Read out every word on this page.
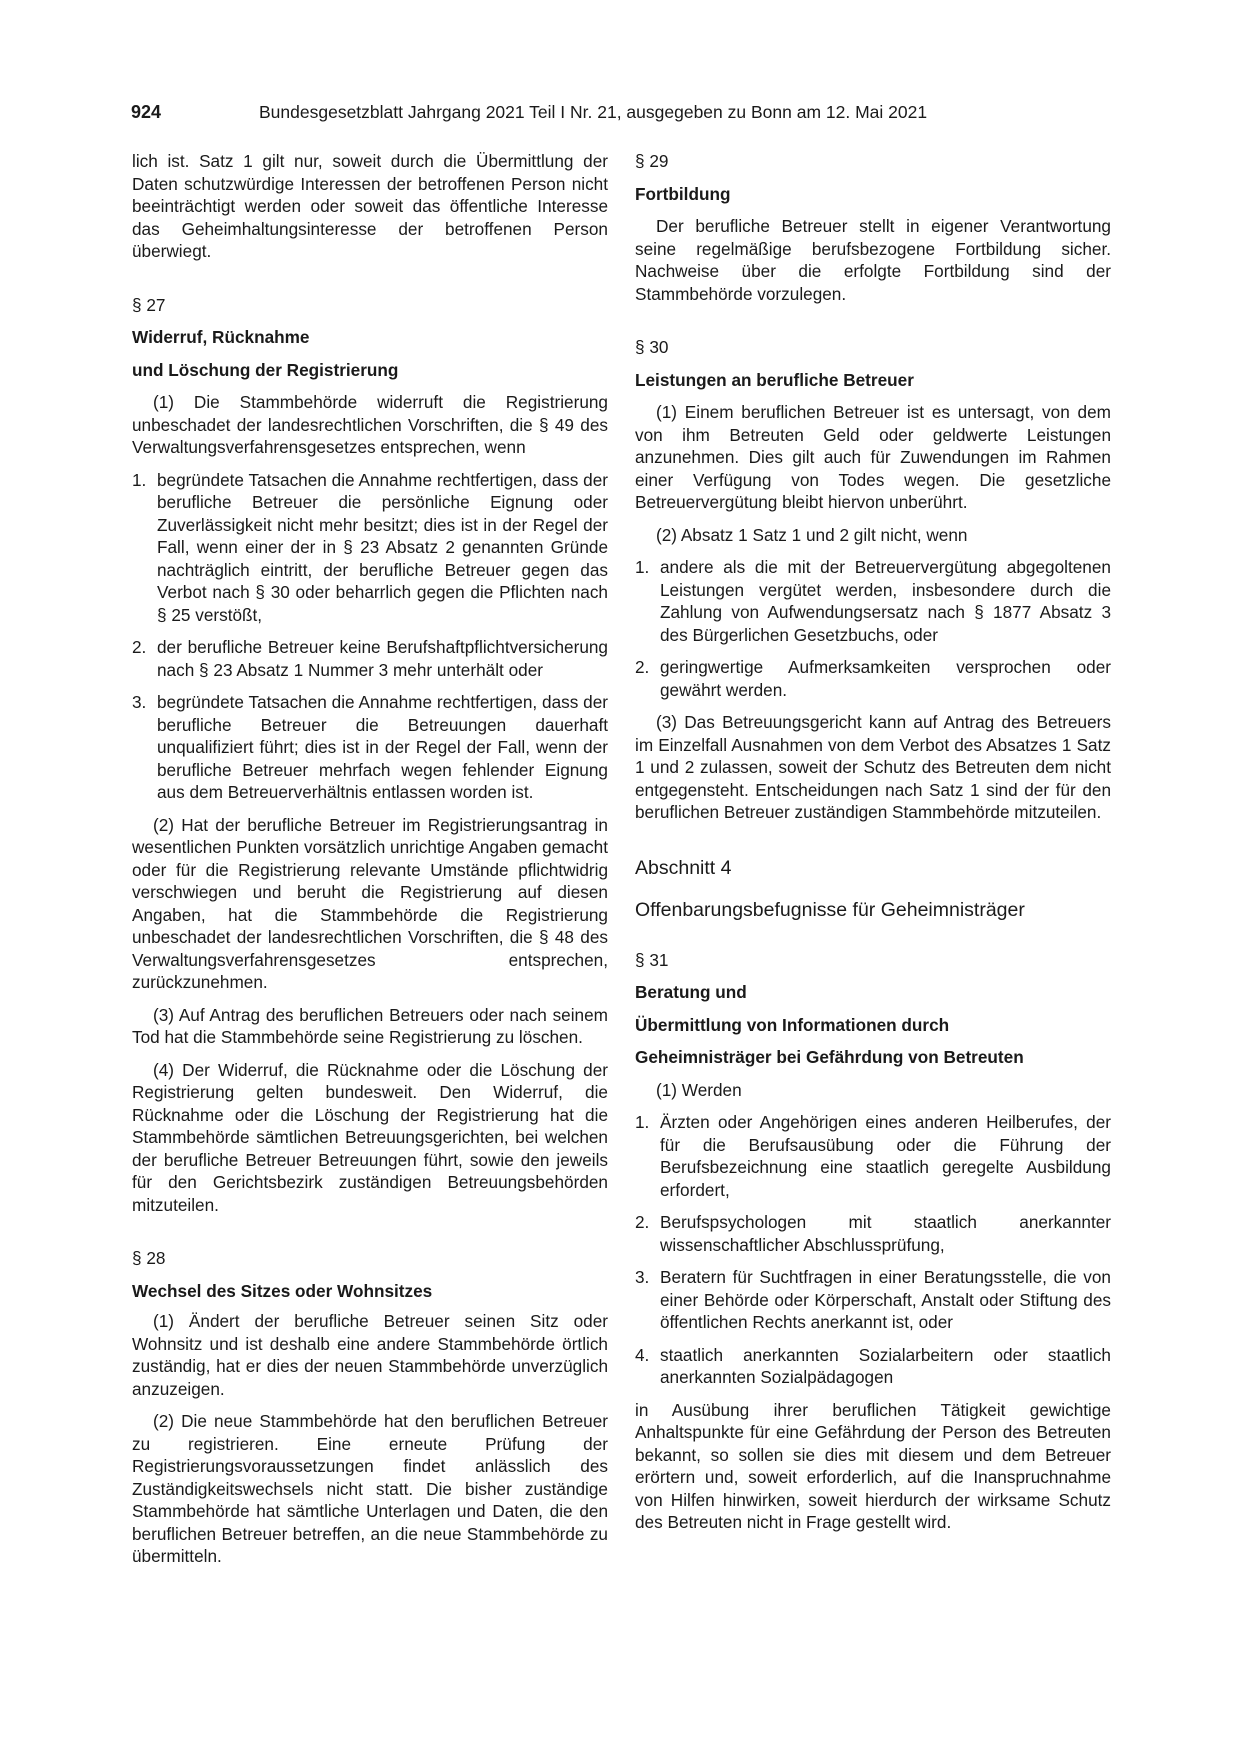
924	Bundesgesetzblatt Jahrgang 2021 Teil I Nr. 21, ausgegeben zu Bonn am 12. Mai 2021

lich ist. Satz 1 gilt nur, soweit durch die Übermittlung der Daten schutzwürdige Interessen der betroffenen Person nicht beeinträchtigt werden oder soweit das öffentliche Interesse das Geheimhaltungsinteresse der betroffenen Person überwiegt.

§ 27

Widerruf, Rücknahme

und Löschung der Registrierung

(1) Die Stammbehörde widerruft die Registrierung unbeschadet der landesrechtlichen Vorschriften, die § 49 des Verwaltungsverfahrensgesetzes entsprechen, wenn

1. begründete Tatsachen die Annahme rechtfertigen, dass der berufliche Betreuer die persönliche Eignung oder Zuverlässigkeit nicht mehr besitzt; dies ist in der Regel der Fall, wenn einer der in § 23 Absatz 2 genannten Gründe nachträglich eintritt, der berufliche Betreuer gegen das Verbot nach § 30 oder beharrlich gegen die Pflichten nach § 25 verstößt,
2. der berufliche Betreuer keine Berufshaftpflichtversicherung nach § 23 Absatz 1 Nummer 3 mehr unterhält oder
3. begründete Tatsachen die Annahme rechtfertigen, dass der berufliche Betreuer die Betreuungen dauerhaft unqualifiziert führt; dies ist in der Regel der Fall, wenn der berufliche Betreuer mehrfach wegen fehlender Eignung aus dem Betreuerverhältnis entlassen worden ist.

(2) Hat der berufliche Betreuer im Registrierungsantrag in wesentlichen Punkten vorsätzlich unrichtige Angaben gemacht oder für die Registrierung relevante Umstände pflichtwidrig verschwiegen und beruht die Registrierung auf diesen Angaben, hat die Stammbehörde die Registrierung unbeschadet der landesrechtlichen Vorschriften, die § 48 des Verwaltungsverfahrensgesetzes entsprechen, zurückzunehmen.

(3) Auf Antrag des beruflichen Betreuers oder nach seinem Tod hat die Stammbehörde seine Registrierung zu löschen.

(4) Der Widerruf, die Rücknahme oder die Löschung der Registrierung gelten bundesweit. Den Widerruf, die Rücknahme oder die Löschung der Registrierung hat die Stammbehörde sämtlichen Betreuungsgerichten, bei welchen der berufliche Betreuer Betreuungen führt, sowie den jeweils für den Gerichtsbezirk zuständigen Betreuungsbehörden mitzuteilen.

§ 28

Wechsel des Sitzes oder Wohnsitzes

(1) Ändert der berufliche Betreuer seinen Sitz oder Wohnsitz und ist deshalb eine andere Stammbehörde örtlich zuständig, hat er dies der neuen Stammbehörde unverzüglich anzuzeigen.

(2) Die neue Stammbehörde hat den beruflichen Betreuer zu registrieren. Eine erneute Prüfung der Registrierungsvoraussetzungen findet anlässlich des Zuständigkeitswechsels nicht statt. Die bisher zuständige Stammbehörde hat sämtliche Unterlagen und Daten, die den beruflichen Betreuer betreffen, an die neue Stammbehörde zu übermitteln.

§ 29

Fortbildung

Der berufliche Betreuer stellt in eigener Verantwortung seine regelmäßige berufsbezogene Fortbildung sicher. Nachweise über die erfolgte Fortbildung sind der Stammbehörde vorzulegen.

§ 30

Leistungen an berufliche Betreuer

(1) Einem beruflichen Betreuer ist es untersagt, von dem von ihm Betreuten Geld oder geldwerte Leistungen anzunehmen. Dies gilt auch für Zuwendungen im Rahmen einer Verfügung von Todes wegen. Die gesetzliche Betreuervergütung bleibt hiervon unberührt.

(2) Absatz 1 Satz 1 und 2 gilt nicht, wenn

1. andere als die mit der Betreuervergütung abgegoltenen Leistungen vergütet werden, insbesondere durch die Zahlung von Aufwendungsersatz nach § 1877 Absatz 3 des Bürgerlichen Gesetzbuchs, oder
2. geringwertige Aufmerksamkeiten versprochen oder gewährt werden.

(3) Das Betreuungsgericht kann auf Antrag des Betreuers im Einzelfall Ausnahmen von dem Verbot des Absatzes 1 Satz 1 und 2 zulassen, soweit der Schutz des Betreuten dem nicht entgegensteht. Entscheidungen nach Satz 1 sind der für den beruflichen Betreuer zuständigen Stammbehörde mitzuteilen.

Abschnitt 4

Offenbarungsbefugnisse für Geheimnisträger

§ 31

Beratung und

Übermittlung von Informationen durch

Geheimnisträger bei Gefährdung von Betreuten

(1) Werden

1. Ärzten oder Angehörigen eines anderen Heilberufes, der für die Berufsausübung oder die Führung der Berufsbezeichnung eine staatlich geregelte Ausbildung erfordert,
2. Berufspsychologen mit staatlich anerkannter wissenschaftlicher Abschlussprüfung,
3. Beratern für Suchtfragen in einer Beratungsstelle, die von einer Behörde oder Körperschaft, Anstalt oder Stiftung des öffentlichen Rechts anerkannt ist, oder
4. staatlich anerkannten Sozialarbeitern oder staatlich anerkannten Sozialpädagogen

in Ausübung ihrer beruflichen Tätigkeit gewichtige Anhaltspunkte für eine Gefährdung der Person des Betreuten bekannt, so sollen sie dies mit diesem und dem Betreuer erörtern und, soweit erforderlich, auf die Inanspruchnahme von Hilfen hinwirken, soweit hierdurch der wirksame Schutz des Betreuten nicht in Frage gestellt wird.
